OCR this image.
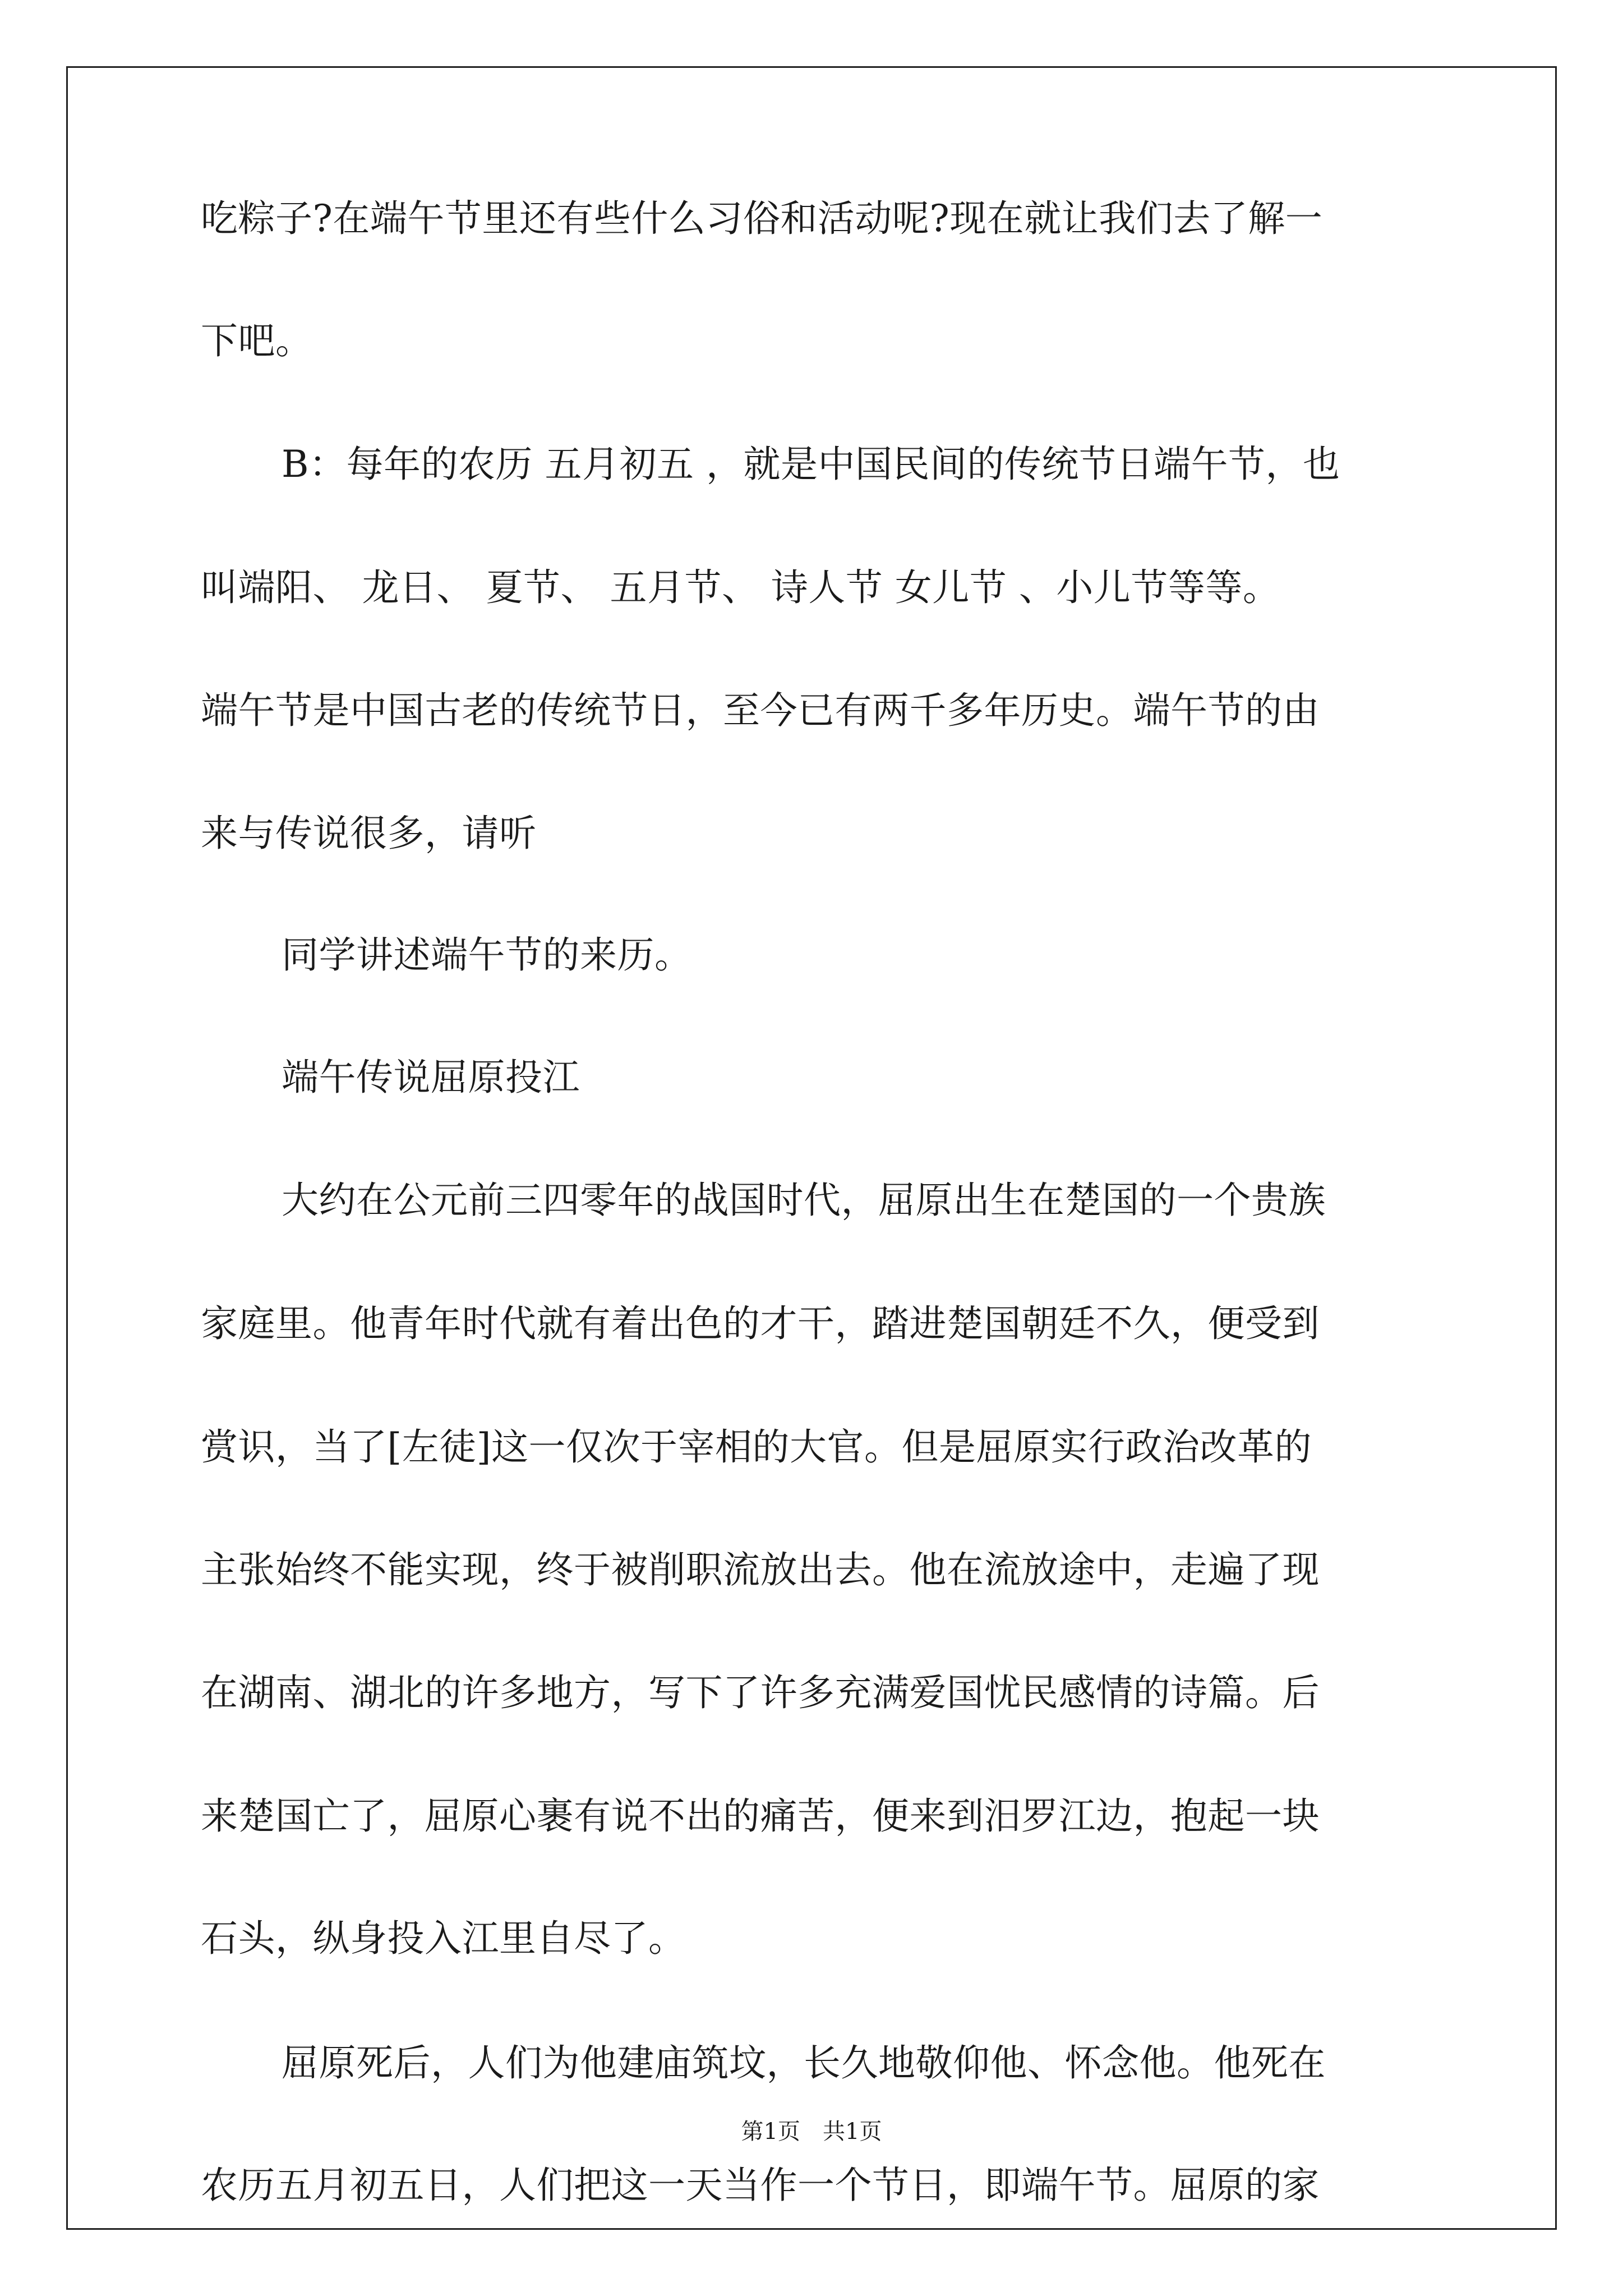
吃粽子?在端午节里还有些什么习俗和活动呢?现在就让我们去了解一
下吧。
B：每年的农历 五月初五 ，就是中国民间的传统节日端午节，也
叫端阳、 龙日、 夏节、 五月节、 诗人节 女儿节 、小儿节等等。
端午节是中国古老的传统节日，至今已有两千多年历史。端午节的由
来与传说很多，请听
同学讲述端午节的来历。
端午传说屈原投江
大约在公元前三四零年的战国时代，屈原出生在楚国的一个贵族
家庭里。他青年时代就有着出色的才干，踏进楚国朝廷不久，便受到
赏识，当了[左徒]这一仅次于宰相的大官。但是屈原实行政治改革的
主张始终不能实现，终于被削职流放出去。他在流放途中，走遍了现
在湖南、湖北的许多地方，写下了许多充满爱国忧民感情的诗篇。后
来楚国亡了，屈原心裹有说不出的痛苦，便来到汨罗江边，抱起一块
石头，纵身投入江里自尽了。
屈原死后，人们为他建庙筑坟，长久地敬仰他、怀念他。他死在
农历五月初五日，人们把这一天当作一个节日，即端午节。屈原的家
第1页　共1页
